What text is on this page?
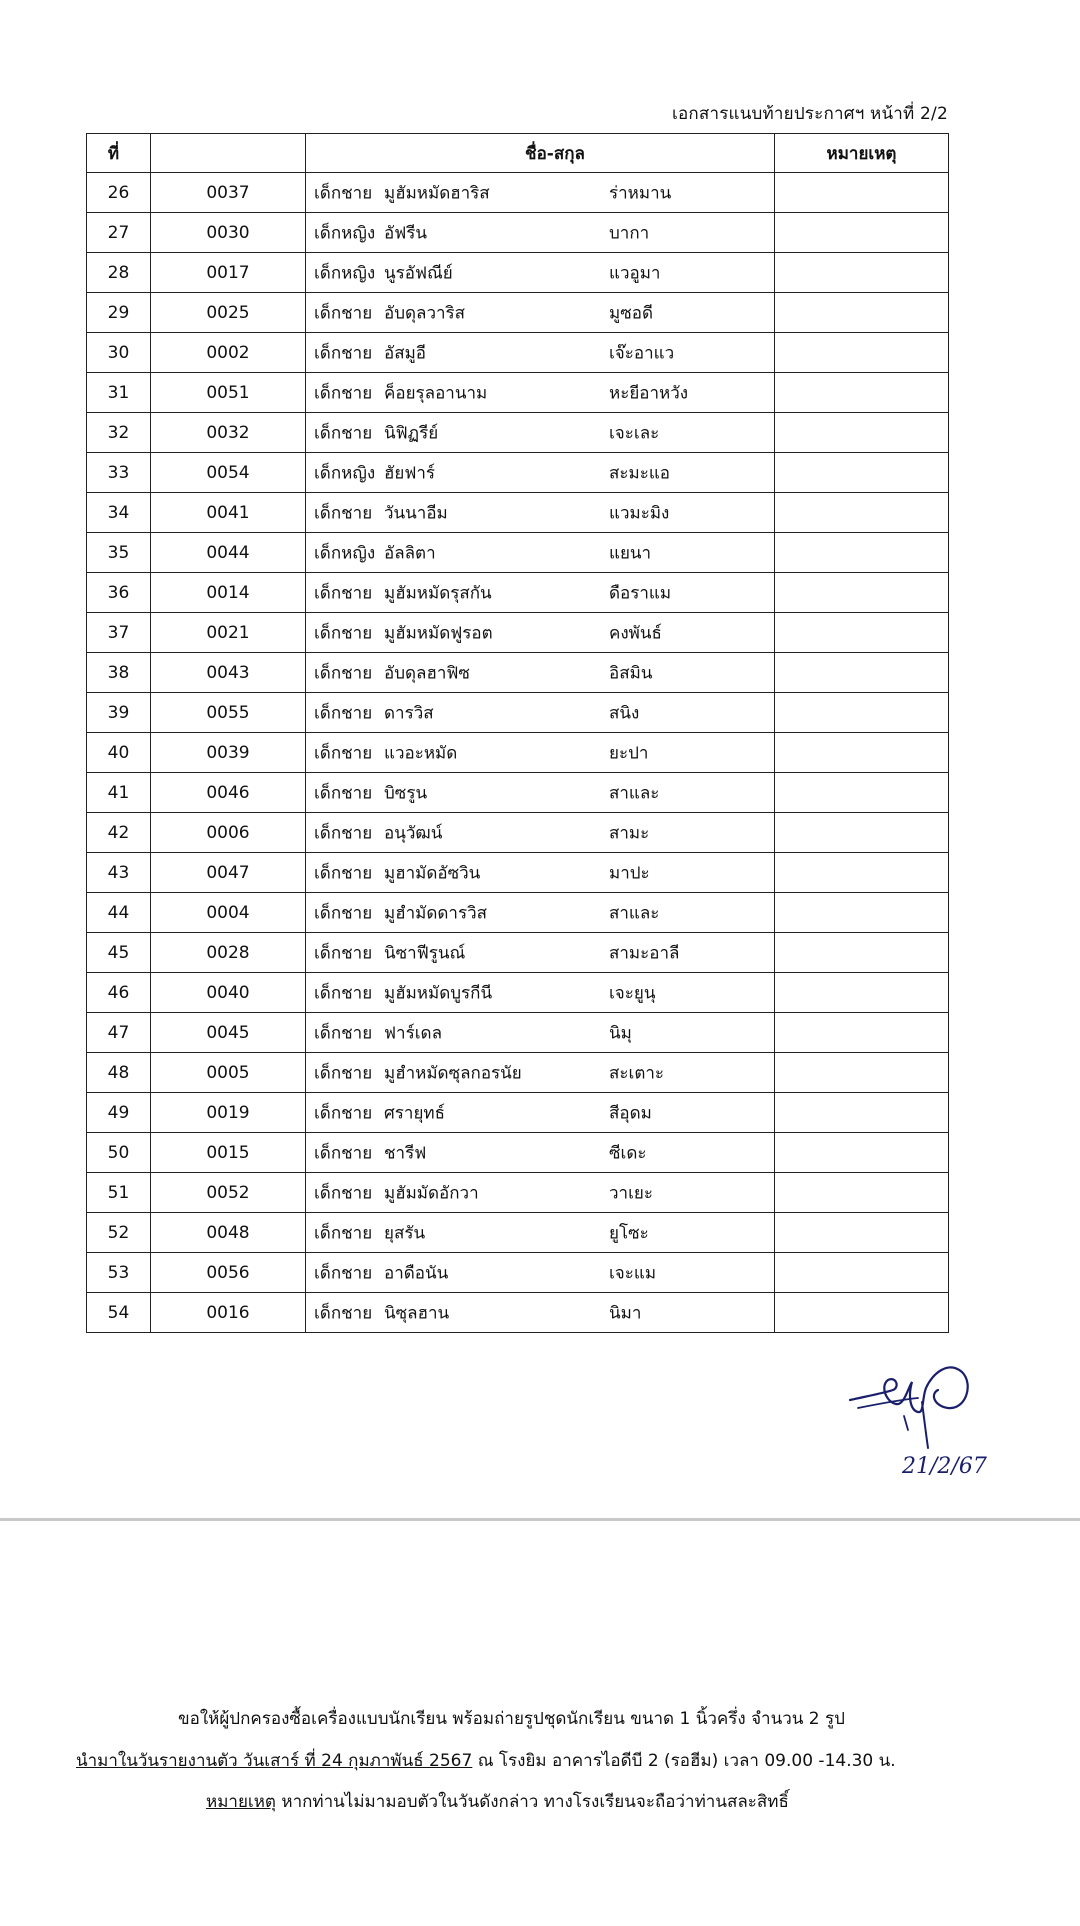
เอกสารแนบท้ายประกาศฯ หน้าที่ 2/2
ที่		ชื่อ-สกุล	หมายเหตุ
26	0037	เด็กชาย มูฮัมหมัดฮาริส ร่าหมาน	

27	0030	เด็กหญิง อัฟรีน บากา	

28	0017	เด็กหญิง นูรอัฟณีย์ แวอูมา	

29	0025	เด็กชาย อับดุลวาริส มูซอดี	

30	0002	เด็กชาย อัสมูอี เจ๊ะอาแว	

31	0051	เด็กชาย ค็อยรุลอานาม หะยีอาหวัง	

32	0032	เด็กชาย นิฟิฏรีย์ เจะเละ	

33	0054	เด็กหญิง ฮัยฟาร์ สะมะแอ	

34	0041	เด็กชาย วันนาอีม แวมะมิง	

35	0044	เด็กหญิง อัลลิตา แยนา	

36	0014	เด็กชาย มูฮัมหมัดรุสกัน ดือราแม	

37	0021	เด็กชาย มูฮัมหมัดฟูรอต คงพันธ์	

38	0043	เด็กชาย อับดุลฮาฟิซ อิสมิน	

39	0055	เด็กชาย ดารวิส สนิง	

40	0039	เด็กชาย แวอะหมัด ยะปา	

41	0046	เด็กชาย บิซรูน สาและ	

42	0006	เด็กชาย อนุวัฒน์ สามะ	

43	0047	เด็กชาย มูฮามัดอัซวิน มาปะ	

44	0004	เด็กชาย มูฮำมัดดารวิส สาและ	

45	0028	เด็กชาย นิซาฟีรูนณ์ สามะอาลี	

46	0040	เด็กชาย มูฮัมหมัดบูรกีนี เจะยูนุ	

47	0045	เด็กชาย ฟาร์เดล นิมุ	

48	0005	เด็กชาย มูฮำหมัดซุลกอรนัย สะเตาะ	

49	0019	เด็กชาย ศรายุทธ์ สีอุดม	

50	0015	เด็กชาย ชารีฟ ซีเดะ	

51	0052	เด็กชาย มูฮัมมัดอักวา วาเยะ	

52	0048	เด็กชาย ยุสรัน ยูโซะ	

53	0056	เด็กชาย อาดือนัน เจะแม	

54	0016	เด็กชาย นิซุลฮาน นิมา	

21/2/67
ขอให้ผู้ปกครองซื้อเครื่องแบบนักเรียน พร้อมถ่ายรูปชุดนักเรียน ขนาด 1 นิ้วครึ่ง จำนวน 2 รูป
นำมาในวันรายงานตัว วันเสาร์ ที่ 24 กุมภาพันธ์ 2567 ณ โรงยิม อาคารไอดีบี 2 (รอฮีม) เวลา 09.00 -14.30 น.
หมายเหตุ หากท่านไม่มามอบตัวในวันดังกล่าว ทางโรงเรียนจะถือว่าท่านสละสิทธิ์
